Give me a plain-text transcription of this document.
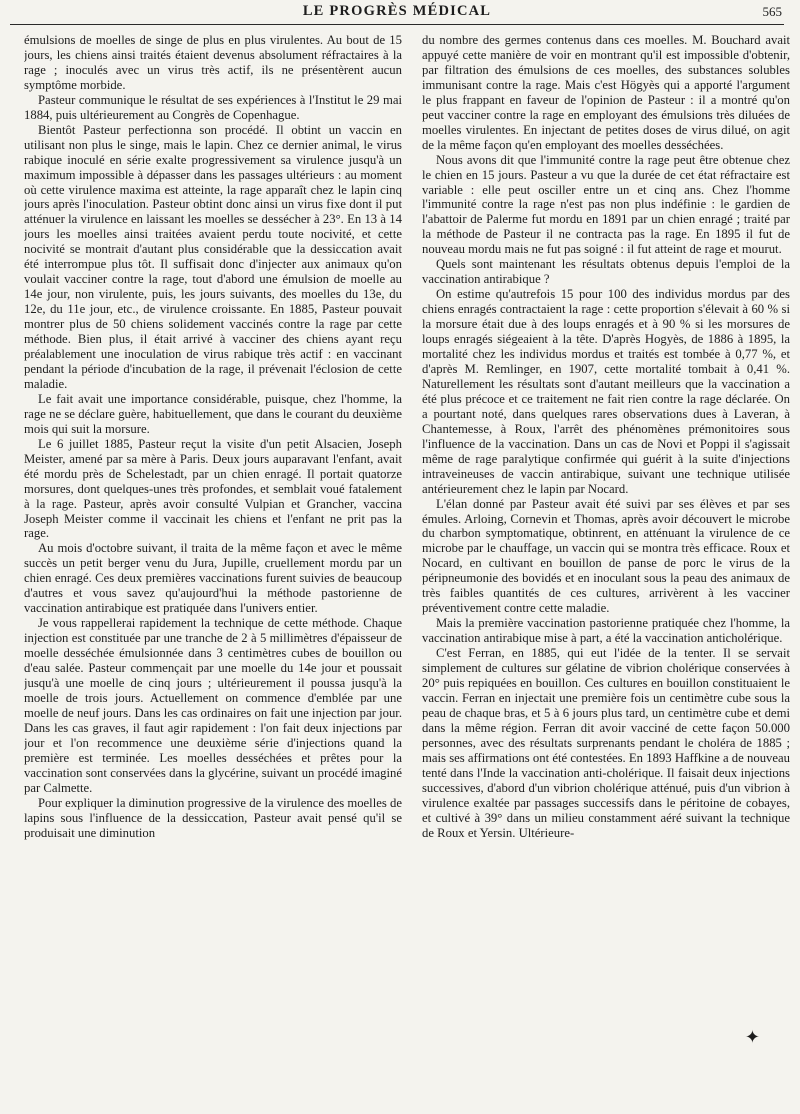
LE PROGRÈS MÉDICAL	565

émulsions de moelles de singe de plus en plus virulentes. Au bout de 15 jours, les chiens ainsi traités étaient devenus absolument réfractaires à la rage ; inoculés avec un virus très actif, ils ne présentèrent aucun symptôme morbide.

Pasteur communique le résultat de ses expériences à l'Institut le 29 mai 1884, puis ultérieurement au Congrès de Copenhague.

Bientôt Pasteur perfectionna son procédé. Il obtint un vaccin en utilisant non plus le singe, mais le lapin. Chez ce dernier animal, le virus rabique inoculé en série exalte progressivement sa virulence jusqu'à un maximum impossible à dépasser dans les passages ultérieurs : au moment où cette virulence maxima est atteinte, la rage apparaît chez le lapin cinq jours après l'inoculation. Pasteur obtint donc ainsi un virus fixe dont il put atténuer la virulence en laissant les moelles se dessécher à 23°. En 13 à 14 jours les moelles ainsi traitées avaient perdu toute nocivité, et cette nocivité se montrait d'autant plus considérable que la dessiccation avait été interrompue plus tôt. Il suffisait donc d'injecter aux animaux qu'on voulait vacciner contre la rage, tout d'abord une émulsion de moelle au 14e jour, non virulente, puis, les jours suivants, des moelles du 13e, du 12e, du 11e jour, etc., de virulence croissante. En 1885, Pasteur pouvait montrer plus de 50 chiens solidement vaccinés contre la rage par cette méthode. Bien plus, il était arrivé à vacciner des chiens ayant reçu préalablement une inoculation de virus rabique très actif : en vaccinant pendant la période d'incubation de la rage, il prévenait l'éclosion de cette maladie.

Le fait avait une importance considérable, puisque, chez l'homme, la rage ne se déclare guère, habituellement, que dans le courant du deuxième mois qui suit la morsure.

Le 6 juillet 1885, Pasteur reçut la visite d'un petit Alsacien, Joseph Meister, amené par sa mère à Paris. Deux jours auparavant l'enfant, avait été mordu près de Schelestadt, par un chien enragé. Il portait quatorze morsures, dont quelques-unes très profondes, et semblait voué fatalement à la rage. Pasteur, après avoir consulté Vulpian et Grancher, vaccina Joseph Meister comme il vaccinait les chiens et l'enfant ne prit pas la rage.

Au mois d'octobre suivant, il traita de la même façon et avec le même succès un petit berger venu du Jura, Jupille, cruellement mordu par un chien enragé. Ces deux premières vaccinations furent suivies de beaucoup d'autres et vous savez qu'aujourd'hui la méthode pastorienne de vaccination antirabique est pratiquée dans l'univers entier.

Je vous rappellerai rapidement la technique de cette méthode. Chaque injection est constituée par une tranche de 2 à 5 millimètres d'épaisseur de moelle desséchée émulsionnée dans 3 centimètres cubes de bouillon ou d'eau salée. Pasteur commençait par une moelle du 14e jour et poussait jusqu'à une moelle de cinq jours ; ultérieurement il poussa jusqu'à la moelle de trois jours. Actuellement on commence d'emblée par une moelle de neuf jours. Dans les cas ordinaires on fait une injection par jour. Dans les cas graves, il faut agir rapidement : l'on fait deux injections par jour et l'on recommence une deuxième série d'injections quand la première est terminée. Les moelles desséchées et prêtes pour la vaccination sont conservées dans la glycérine, suivant un procédé imaginé par Calmette.

Pour expliquer la diminution progressive de la virulence des moelles de lapins sous l'influence de la dessiccation, Pasteur avait pensé qu'il se produisait une diminution

du nombre des germes contenus dans ces moelles. M. Bouchard avait appuyé cette manière de voir en montrant qu'il est impossible d'obtenir, par filtration des émulsions de ces moelles, des substances solubles immunisant contre la rage. Mais c'est Högyès qui a apporté l'argument le plus frappant en faveur de l'opinion de Pasteur : il a montré qu'on peut vacciner contre la rage en employant des émulsions très diluées de moelles virulentes. En injectant de petites doses de virus dilué, on agit de la même façon qu'en employant des moelles desséchées.

Nous avons dit que l'immunité contre la rage peut être obtenue chez le chien en 15 jours. Pasteur a vu que la durée de cet état réfractaire est variable : elle peut osciller entre un et cinq ans. Chez l'homme l'immunité contre la rage n'est pas non plus indéfinie : le gardien de l'abattoir de Palerme fut mordu en 1891 par un chien enragé ; traité par la méthode de Pasteur il ne contracta pas la rage. En 1895 il fut de nouveau mordu mais ne fut pas soigné : il fut atteint de rage et mourut.

Quels sont maintenant les résultats obtenus depuis l'emploi de la vaccination antirabique ?

On estime qu'autrefois 15 pour 100 des individus mordus par des chiens enragés contractaient la rage : cette proportion s'élevait à 60 % si la morsure était due à des loups enragés et à 90 % si les morsures de loups enragés siégeaient à la tête. D'après Hogyès, de 1886 à 1895, la mortalité chez les individus mordus et traités est tombée à 0,77 %, et d'après M. Remlinger, en 1907, cette mortalité tombait à 0,41 %. Naturellement les résultats sont d'autant meilleurs que la vaccination a été plus précoce et ce traitement ne fait rien contre la rage déclarée. On a pourtant noté, dans quelques rares observations dues à Laveran, à Chantemesse, à Roux, l'arrêt des phénomènes prémonitoires sous l'influence de la vaccination. Dans un cas de Novi et Poppi il s'agissait même de rage paralytique confirmée qui guérit à la suite d'injections intraveineuses de vaccin antirabique, suivant une technique utilisée antérieurement chez le lapin par Nocard.

L'élan donné par Pasteur avait été suivi par ses élèves et par ses émules. Arloing, Cornevin et Thomas, après avoir découvert le microbe du charbon symptomatique, obtinrent, en atténuant la virulence de ce microbe par le chauffage, un vaccin qui se montra très efficace. Roux et Nocard, en cultivant en bouillon de panse de porc le virus de la péripneumonie des bovidés et en inoculant sous la peau des animaux de très faibles quantités de ces cultures, arrivèrent à les vacciner préventivement contre cette maladie.

Mais la première vaccination pastorienne pratiquée chez l'homme, la vaccination antirabique mise à part, a été la vaccination anticholérique.

C'est Ferran, en 1885, qui eut l'idée de la tenter. Il se servait simplement de cultures sur gélatine de vibrion cholérique conservées à 20° puis repiquées en bouillon. Ces cultures en bouillon constituaient le vaccin. Ferran en injectait une première fois un centimètre cube sous la peau de chaque bras, et 5 à 6 jours plus tard, un centimètre cube et demi dans la même région. Ferran dit avoir vacciné de cette façon 50.000 personnes, avec des résultats surprenants pendant le choléra de 1885 ; mais ses affirmations ont été contestées. En 1893 Haffkine a de nouveau tenté dans l'Inde la vaccination anti-cholérique. Il faisait deux injections successives, d'abord d'un vibrion cholérique atténué, puis d'un vibrion à virulence exaltée par passages successifs dans le péritoine de cobayes, et cultivé à 39° dans un milieu constamment aéré suivant la technique de Roux et Yersin. Ultérieure-

✦
